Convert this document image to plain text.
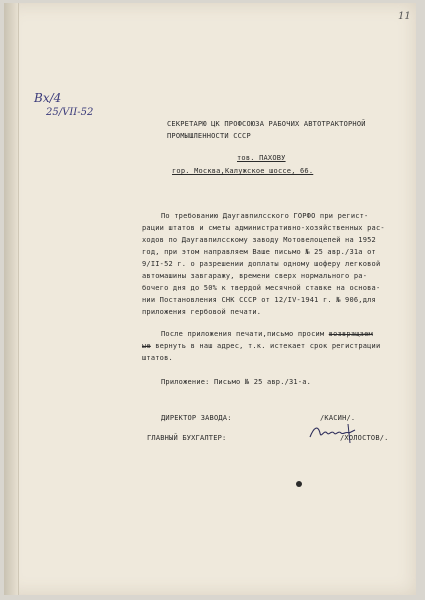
11
Вх/4
25/VII-52
СЕКРЕТАРЮ ЦК ПРОФСОЮЗА РАБОЧИХ АВТОТРАКТОРНОЙ
ПРОМЫШЛЕННОСТИ СССР
тов. ПАХОВУ
гор. Москва,Калужское шоссе, 66.
По требованию Даугавпилсского ГОРФО при регист-
рации штатов и сметы административно-хозяйственных рас-
ходов по Даугавпилсскому заводу Мотовелоцепей на 1952
год, при этом направляем Ваше письмо № 25 авр./31а от
9/II-52 г. о разрешении доплаты одному шоферу легковой
автомашины завгаражу, времени сверх нормального ра-
бочего дня до 50% к твердой месячной ставке на основа-
нии Постановления СНК СССР от 12/IV-1941 г. № 906,для
приложения гербовой печати.
После приложения печати,письмо просим возвращаем
ые вернуть в наш адрес, т.к. истекает срок регистрации
штатов.
Приложение: Письмо № 25 авр./31-а.
ДИРЕКТОР ЗАВОДА:	/КАСИН/.
ГЛАВНЫЙ БУХГАЛТЕР:	/ХОЛОСТОВ/.
